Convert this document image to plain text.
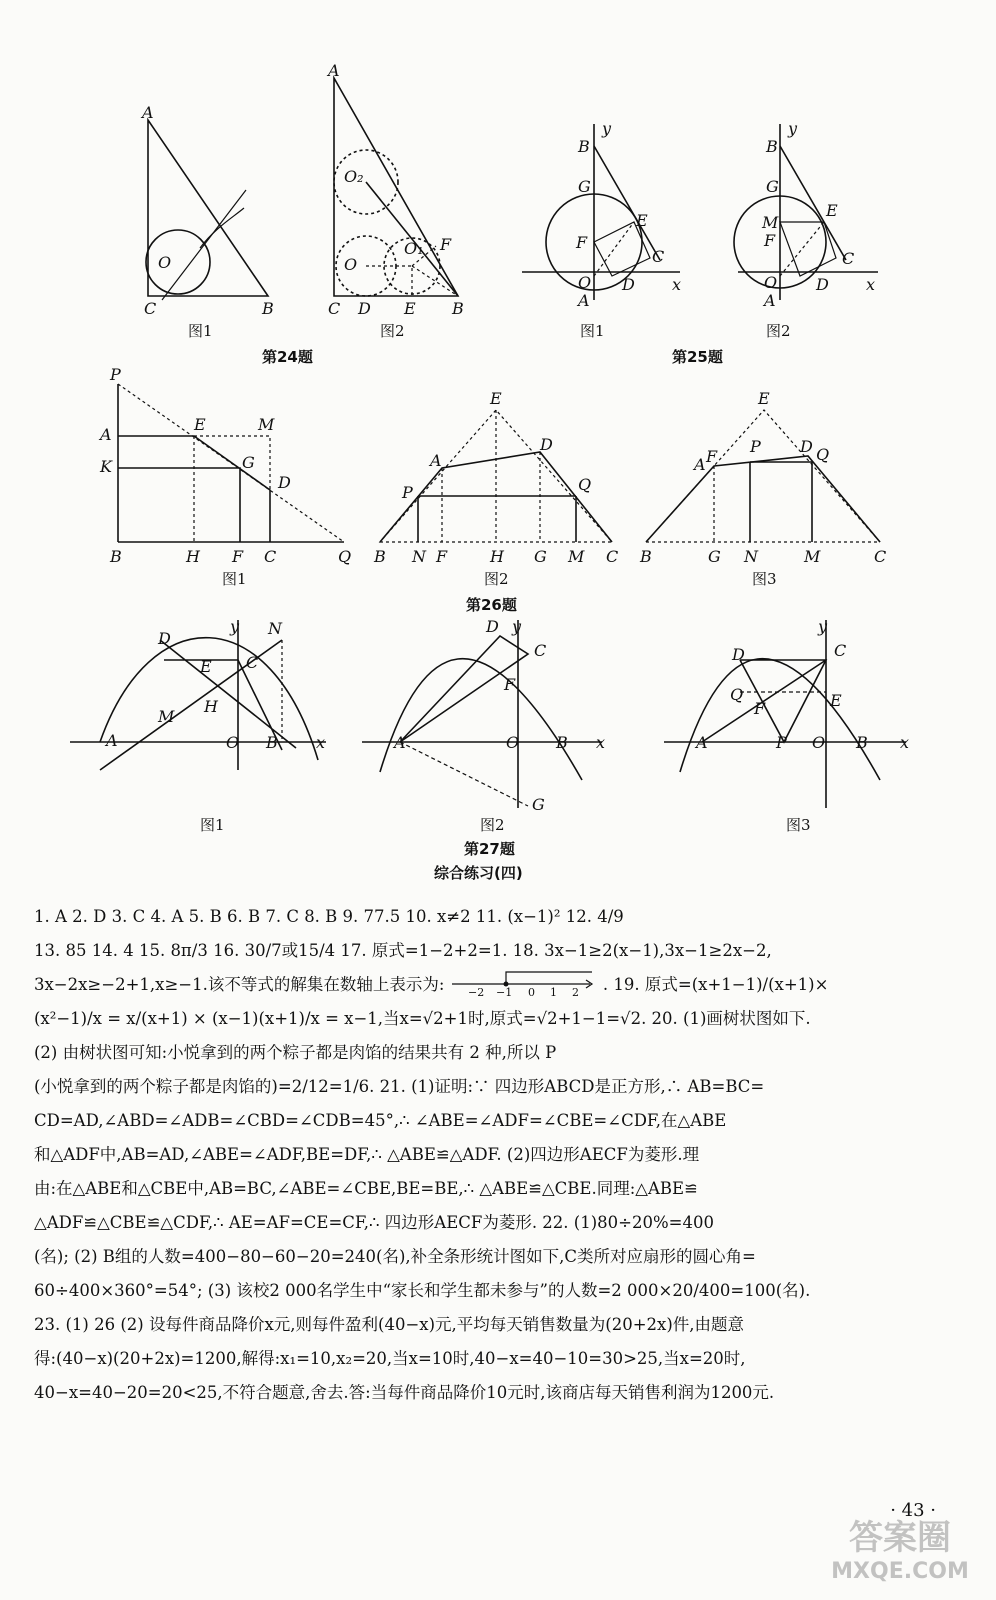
A
C	B
O
A
C D E B
O
O₂
O₁ F
B
G
F
E
C
O
A
D
y
x
B
G
M
F
E
C
O
A
D
y
x
P
A
K
E	M
G
D
B	H F C	Q
E
A
D
P	Q
B N F	H G M C
E
A F
P D Q
B	G N	M	C
D
E C
H
M
N
A	O B
y
x
D
C
F
A	O B
G
y
x
D	C
Q
F	E
A	P O B
y
x
图1	图2
第24题
图1	图2
第25题
图1	图2	图3
第26题
图1	图2	图3
第27题
综合练习(四)

1. A 2. D 3. C 4. A 5. B 6. B 7. C 8. B 9. 77.5 10. x≠2 11. (x−1)² 12. 4/9

13. 85 14. 4 15. 8π/3 16. 30/7或15/4 17. 原式=1−2+2=1. 18. 3x−1≥2(x−1),3x−1≥2x−2,

3x−2x≥−2+1,x≥−1.该不等式的解集在数轴上表示为: −2 −1 0 1 2 . 19. 原式=(x+1−1)/(x+1)×

(x²−1)/x = x/(x+1) × (x−1)(x+1)/x = x−1,当x=√2+1时,原式=√2+1−1=√2. 20. (1)画树状图如下.

(2) 由树状图可知:小悦拿到的两个粽子都是肉馅的结果共有 2 种,所以 P

(小悦拿到的两个粽子都是肉馅的)=2/12=1/6. 21. (1)证明:∵ 四边形ABCD是正方形,∴ AB=BC=

CD=AD,∠ABD=∠ADB=∠CBD=∠CDB=45°,∴ ∠ABE=∠ADF=∠CBE=∠CDF,在△ABE

和△ADF中,AB=AD,∠ABE=∠ADF,BE=DF,∴ △ABE≌△ADF. (2)四边形AECF为菱形.理

由:在△ABE和△CBE中,AB=BC,∠ABE=∠CBE,BE=BE,∴ △ABE≌△CBE.同理:△ABE≌

△ADF≌△CBE≌△CDF,∴ AE=AF=CE=CF,∴ 四边形AECF为菱形. 22. (1)80÷20%=400

(名); (2) B组的人数=400−80−60−20=240(名),补全条形统计图如下,C类所对应扇形的圆心角=

60÷400×360°=54°; (3) 该校2 000名学生中“家长和学生都未参与”的人数=2 000×20/400=100(名).

23. (1) 26 (2) 设每件商品降价x元,则每件盈利(40−x)元,平均每天销售数量为(20+2x)件,由题意

得:(40−x)(20+2x)=1200,解得:x₁=10,x₂=20,当x=10时,40−x=40−10=30>25,当x=20时,

40−x=40−20=20<25,不符合题意,舍去.答:当每件商品降价10元时,该商店每天销售利润为1200元.

· 43 ·
答案圈
MXQE.COM
